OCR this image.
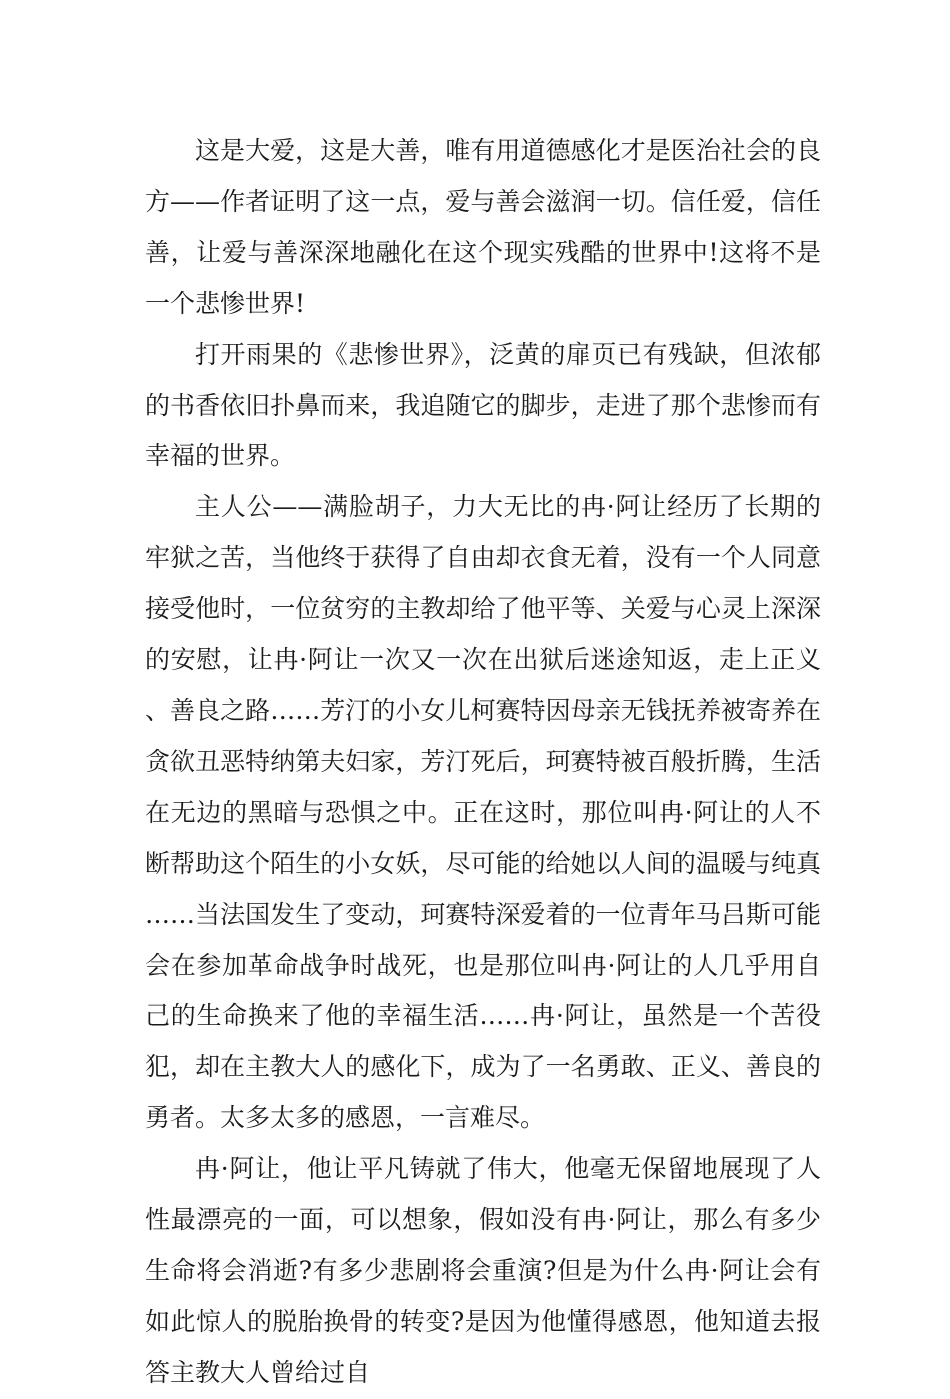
这是大爱，这是大善，唯有用道德感化才是医治社会的良方——作者证明了这一点，爱与善会滋润一切。信任爱，信任善，让爱与善深深地融化在这个现实残酷的世界中!这将不是一个悲惨世界!

打开雨果的《悲惨世界》，泛黄的扉页已有残缺，但浓郁的书香依旧扑鼻而来，我追随它的脚步，走进了那个悲惨而有幸福的世界。

主人公——满脸胡子，力大无比的冉·阿让经历了长期的牢狱之苦，当他终于获得了自由却衣食无着，没有一个人同意接受他时，一位贫穷的主教却给了他平等、关爱与心灵上深深的安慰，让冉·阿让一次又一次在出狱后迷途知返，走上正义、善良之路……芳汀的小女儿柯赛特因母亲无钱抚养被寄养在贪欲丑恶特纳第夫妇家，芳汀死后，珂赛特被百般折腾，生活在无边的黑暗与恐惧之中。正在这时，那位叫冉·阿让的人不断帮助这个陌生的小女妖，尽可能的给她以人间的温暖与纯真……当法国发生了变动，珂赛特深爱着的一位青年马吕斯可能会在参加革命战争时战死，也是那位叫冉·阿让的人几乎用自己的生命换来了他的幸福生活……冉·阿让，虽然是一个苦役犯，却在主教大人的感化下，成为了一名勇敢、正义、善良的勇者。太多太多的感恩，一言难尽。

冉·阿让，他让平凡铸就了伟大，他毫无保留地展现了人性最漂亮的一面，可以想象，假如没有冉·阿让，那么有多少生命将会消逝?有多少悲剧将会重演?但是为什么冉·阿让会有如此惊人的脱胎换骨的转变?是因为他懂得感恩，他知道去报答主教大人曾给过自
